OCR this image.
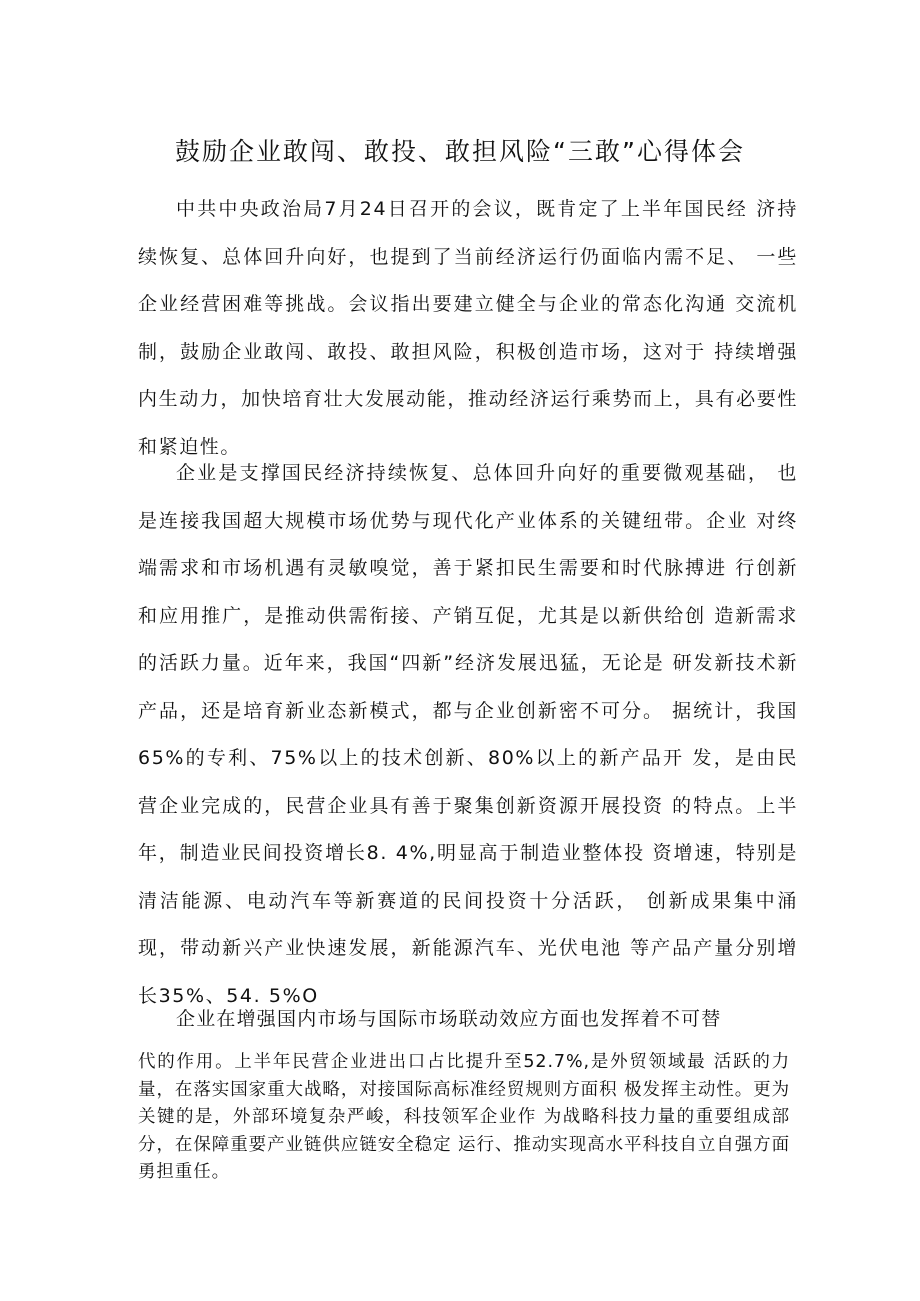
鼓励企业敢闯、敢投、敢担风险“三敢”心得体会

中共中央政治局7月24日召开的会议，既肯定了上半年国民经 济持续恢复、总体回升向好，也提到了当前经济运行仍面临内需不足、 一些企业经营困难等挑战。会议指出要建立健全与企业的常态化沟通 交流机制，鼓励企业敢闯、敢投、敢担风险，积极创造市场，这对于 持续增强内生动力，加快培育壮大发展动能，推动经济运行乘势而上，具有必要性和紧迫性。

企业是支撑国民经济持续恢复、总体回升向好的重要微观基础， 也是连接我国超大规模市场优势与现代化产业体系的关键纽带。企业 对终端需求和市场机遇有灵敏嗅觉，善于紧扣民生需要和时代脉搏进 行创新和应用推广，是推动供需衔接、产销互促，尤其是以新供给创 造新需求的活跃力量。近年来，我国“四新”经济发展迅猛，无论是 研发新技术新产品，还是培育新业态新模式，都与企业创新密不可分。 据统计，我国65%的专利、75%以上的技术创新、80%以上的新产品开 发，是由民营企业完成的，民营企业具有善于聚集创新资源开展投资 的特点。上半年，制造业民间投资增长8. 4%,明显高于制造业整体投 资增速，特别是清洁能源、电动汽车等新赛道的民间投资十分活跃， 创新成果集中涌现，带动新兴产业快速发展，新能源汽车、光伏电池 等产品产量分别增长35%、54. 5%O

企业在增强国内市场与国际市场联动效应方面也发挥着不可替

代的作用。上半年民营企业进出口占比提升至52.7%,是外贸领域最 活跃的力量，在落实国家重大战略，对接国际高标准经贸规则方面积 极发挥主动性。更为关键的是，外部环境复杂严峻，科技领军企业作 为战略科技力量的重要组成部分，在保障重要产业链供应链安全稳定 运行、推动实现高水平科技自立自强方面勇担重任。
